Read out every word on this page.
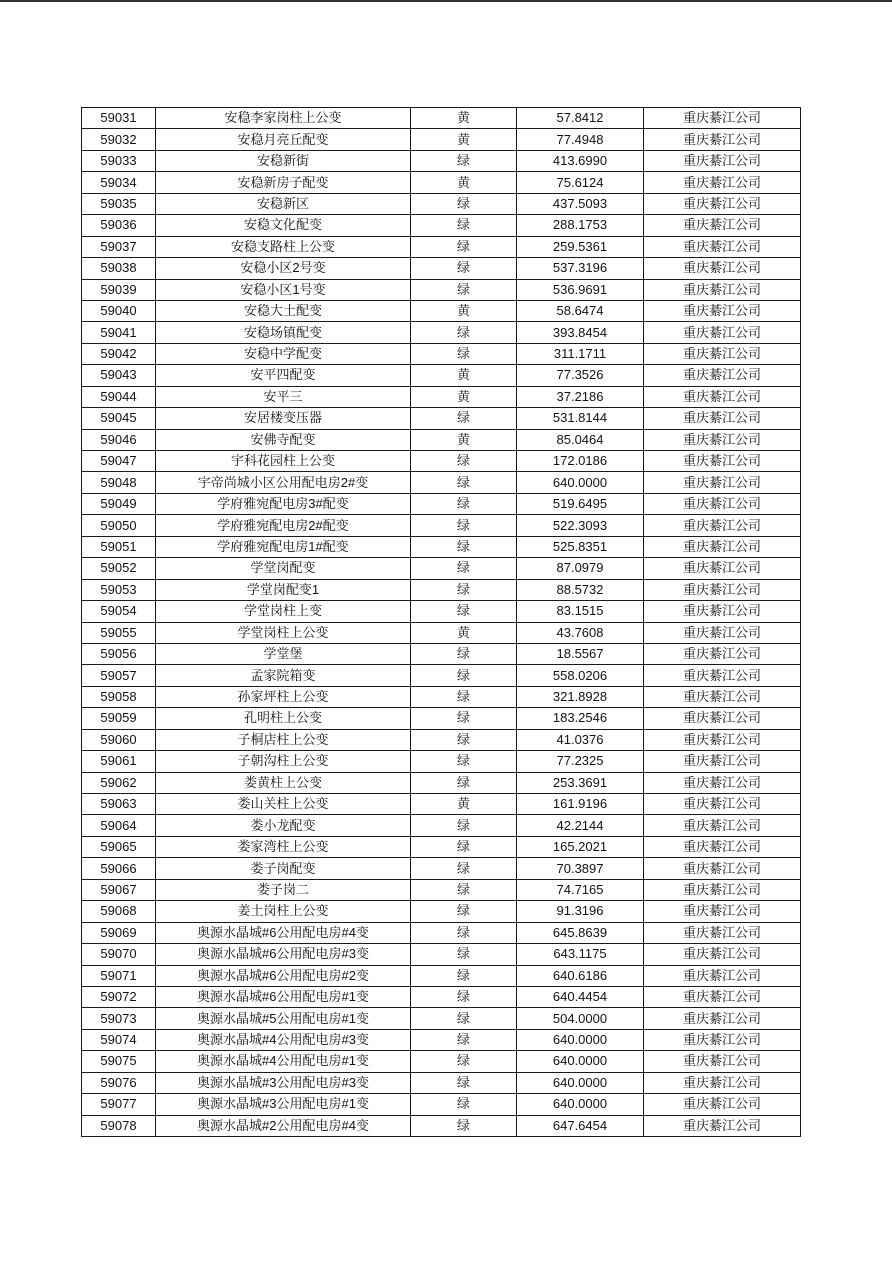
59031	安稳李家岗柱上公变	黄	57.8412	重庆綦江公司
59032	安稳月亮丘配变	黄	77.4948	重庆綦江公司
59033	安稳新街	绿	413.6990	重庆綦江公司
59034	安稳新房子配变	黄	75.6124	重庆綦江公司
59035	安稳新区	绿	437.5093	重庆綦江公司
59036	安稳文化配变	绿	288.1753	重庆綦江公司
59037	安稳支路柱上公变	绿	259.5361	重庆綦江公司
59038	安稳小区2号变	绿	537.3196	重庆綦江公司
59039	安稳小区1号变	绿	536.9691	重庆綦江公司
59040	安稳大土配变	黄	58.6474	重庆綦江公司
59041	安稳场镇配变	绿	393.8454	重庆綦江公司
59042	安稳中学配变	绿	311.1711	重庆綦江公司
59043	安平四配变	黄	77.3526	重庆綦江公司
59044	安平三	黄	37.2186	重庆綦江公司
59045	安居楼变压器	绿	531.8144	重庆綦江公司
59046	安佛寺配变	黄	85.0464	重庆綦江公司
59047	宇科花园柱上公变	绿	172.0186	重庆綦江公司
59048	宇帝尚城小区公用配电房2#变	绿	640.0000	重庆綦江公司
59049	学府雅宛配电房3#配变	绿	519.6495	重庆綦江公司
59050	学府雅宛配电房2#配变	绿	522.3093	重庆綦江公司
59051	学府雅宛配电房1#配变	绿	525.8351	重庆綦江公司
59052	学堂岗配变	绿	87.0979	重庆綦江公司
59053	学堂岗配变1	绿	88.5732	重庆綦江公司
59054	学堂岗柱上变	绿	83.1515	重庆綦江公司
59055	学堂岗柱上公变	黄	43.7608	重庆綦江公司
59056	学堂堡	绿	18.5567	重庆綦江公司
59057	孟家院箱变	绿	558.0206	重庆綦江公司
59058	孙家坪柱上公变	绿	321.8928	重庆綦江公司
59059	孔明柱上公变	绿	183.2546	重庆綦江公司
59060	子桐店柱上公变	绿	41.0376	重庆綦江公司
59061	子朝沟柱上公变	绿	77.2325	重庆綦江公司
59062	娄黄柱上公变	绿	253.3691	重庆綦江公司
59063	娄山关柱上公变	黄	161.9196	重庆綦江公司
59064	娄小龙配变	绿	42.2144	重庆綦江公司
59065	娄家湾柱上公变	绿	165.2021	重庆綦江公司
59066	娄子岗配变	绿	70.3897	重庆綦江公司
59067	娄子岗二	绿	74.7165	重庆綦江公司
59068	姜土岗柱上公变	绿	91.3196	重庆綦江公司
59069	奥源水晶城#6公用配电房#4变	绿	645.8639	重庆綦江公司
59070	奥源水晶城#6公用配电房#3变	绿	643.1175	重庆綦江公司
59071	奥源水晶城#6公用配电房#2变	绿	640.6186	重庆綦江公司
59072	奥源水晶城#6公用配电房#1变	绿	640.4454	重庆綦江公司
59073	奥源水晶城#5公用配电房#1变	绿	504.0000	重庆綦江公司
59074	奥源水晶城#4公用配电房#3变	绿	640.0000	重庆綦江公司
59075	奥源水晶城#4公用配电房#1变	绿	640.0000	重庆綦江公司
59076	奥源水晶城#3公用配电房#3变	绿	640.0000	重庆綦江公司
59077	奥源水晶城#3公用配电房#1变	绿	640.0000	重庆綦江公司
59078	奥源水晶城#2公用配电房#4变	绿	647.6454	重庆綦江公司
